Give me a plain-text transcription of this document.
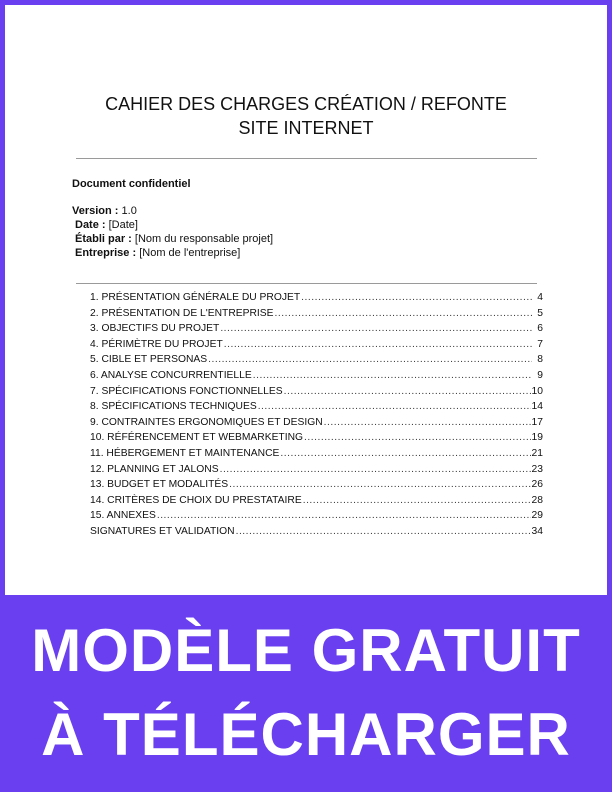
CAHIER DES CHARGES CRÉATION / REFONTE
SITE INTERNET
Document confidentiel
Version : 1.0
Date : [Date]
Établi par : [Nom du responsable projet]
Entreprise : [Nom de l'entreprise]
1. PRÉSENTATION GÉNÉRALE DU PROJET .....	4
2. PRÉSENTATION DE L'ENTREPRISE .....	5
3. OBJECTIFS DU PROJET .....	6
4. PÉRIMÈTRE DU PROJET .....	7
5. CIBLE ET PERSONAS .....	8
6. ANALYSE CONCURRENTIELLE .....	9
7. SPÉCIFICATIONS FONCTIONNELLES .....	10
8. SPÉCIFICATIONS TECHNIQUES .....	14
9. CONTRAINTES ERGONOMIQUES ET DESIGN .....	17
10. RÉFÉRENCEMENT ET WEBMARKETING .....	19
11. HÉBERGEMENT ET MAINTENANCE .....	21
12. PLANNING ET JALONS .....	23
13. BUDGET ET MODALITÉS .....	26
14. CRITÈRES DE CHOIX DU PRESTATAIRE .....	28
15. ANNEXES .....	29
SIGNATURES ET VALIDATION .....	34
MODÈLE GRATUIT
À TÉLÉCHARGER
